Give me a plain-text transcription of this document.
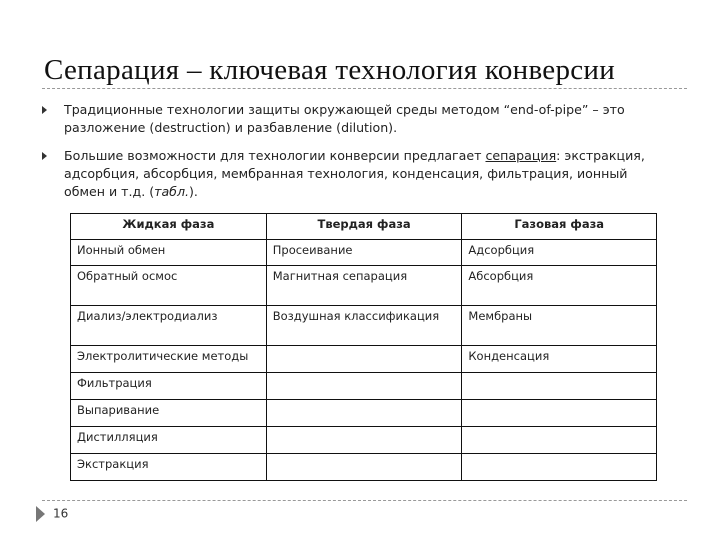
Сепарация – ключевая технология конверсии
Традиционные технологии защиты окружающей среды методом “end-of-pipe” – это разложение (destruction) и разбавление (dilution).
Большие возможности для технологии конверсии предлагает сепарация: экстракция, адсорбция, абсорбция, мембранная технология, конденсация, фильтрация, ионный обмен и т.д. (табл.).
Жидкая фаза	Твердая фаза	Газовая фаза
Ионный обмен	Просеивание	Адсорбция
Обратный осмос	Магнитная сепарация	Абсорбция
Диализ/электродиализ	Воздушная классификация	Мембраны
Электролитические методы		Конденсация
Фильтрация		
Выпаривание		
Дистилляция		
Экстракция		
16
